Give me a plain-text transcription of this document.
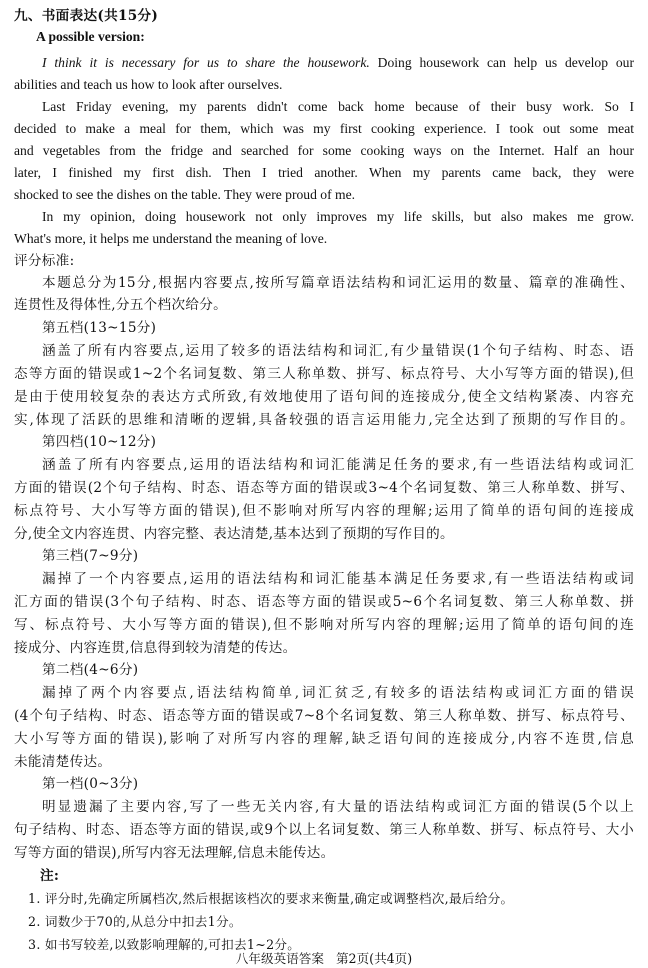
九、书面表达(共15分)
A possible version:
I think it is necessary for us to share the housework. Doing housework can help us develop our
abilities and teach us how to look after ourselves.
Last Friday evening, my parents didn't come back home because of their busy work. So I
decided to make a meal for them, which was my first cooking experience. I took out some meat
and vegetables from the fridge and searched for some cooking ways on the Internet. Half an hour
later, I finished my first dish. Then I tried another. When my parents came back, they were
shocked to see the dishes on the table. They were proud of me.
In my opinion, doing housework not only improves my life skills, but also makes me grow.
What's more, it helps me understand the meaning of love.
评分标准:
本题总分为15分,根据内容要点,按所写篇章语法结构和词汇运用的数量、篇章的准确性、
连贯性及得体性,分五个档次给分。
第五档(13~15分)
涵盖了所有内容要点,运用了较多的语法结构和词汇,有少量错误(1个句子结构、时态、语
态等方面的错误或1~2个名词复数、第三人称单数、拼写、标点符号、大小写等方面的错误),但
是由于使用较复杂的表达方式所致,有效地使用了语句间的连接成分,使全文结构紧凑、内容充
实,体现了活跃的思维和清晰的逻辑,具备较强的语言运用能力,完全达到了预期的写作目的。
第四档(10~12分)
涵盖了所有内容要点,运用的语法结构和词汇能满足任务的要求,有一些语法结构或词汇
方面的错误(2个句子结构、时态、语态等方面的错误或3~4个名词复数、第三人称单数、拼写、
标点符号、大小写等方面的错误),但不影响对所写内容的理解;运用了简单的语句间的连接成
分,使全文内容连贯、内容完整、表达清楚,基本达到了预期的写作目的。
第三档(7~9分)
漏掉了一个内容要点,运用的语法结构和词汇能基本满足任务要求,有一些语法结构或词
汇方面的错误(3个句子结构、时态、语态等方面的错误或5~6个名词复数、第三人称单数、拼
写、标点符号、大小写等方面的错误),但不影响对所写内容的理解;运用了简单的语句间的连
接成分、内容连贯,信息得到较为清楚的传达。
第二档(4~6分)
漏掉了两个内容要点,语法结构简单,词汇贫乏,有较多的语法结构或词汇方面的错误
(4个句子结构、时态、语态等方面的错误或7~8个名词复数、第三人称单数、拼写、标点符号、
大小写等方面的错误),影响了对所写内容的理解,缺乏语句间的连接成分,内容不连贯,信息
未能清楚传达。
第一档(0~3分)
明显遗漏了主要内容,写了一些无关内容,有大量的语法结构或词汇方面的错误(5个以上
句子结构、时态、语态等方面的错误,或9个以上名词复数、第三人称单数、拼写、标点符号、大小
写等方面的错误),所写内容无法理解,信息未能传达。
注:
1. 评分时,先确定所属档次,然后根据该档次的要求来衡量,确定或调整档次,最后给分。
2. 词数少于70的,从总分中扣去1分。
3. 如书写较差,以致影响理解的,可扣去1~2分。
八年级英语答案   第2页(共4页)
